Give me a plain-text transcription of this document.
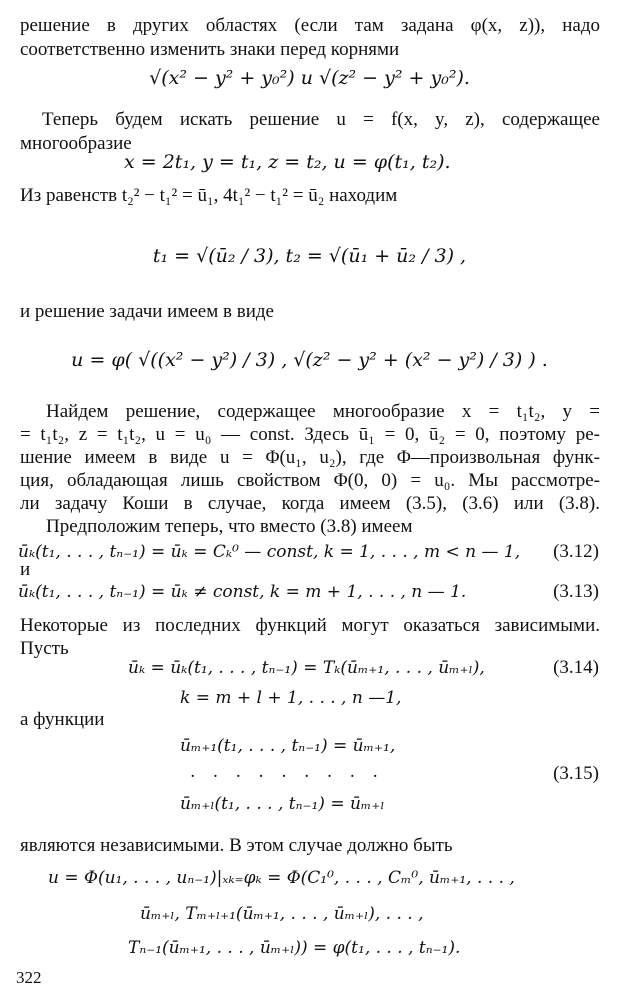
решение в других областях (если там задана φ(x, z)), надо
соответственно изменить знаки перед корнями
√(x² − y² + y₀²) и √(z² − y² + y₀²).
Теперь будем искать решение u = f(x, y, z), содержащее
многообразие
x = 2t₁, y = t₁, z = t₂, u = φ(t₁, t₂).
Из равенств t₂² − t₁² = ū₁, 4t₁² − t₁² = ū₂ находим
t₁ = √(ū₂ / 3), t₂ = √(ū₁ + ū₂ / 3) ,
и решение задачи имеем в виде
u = φ( √((x² − y²) / 3) , √(z² − y² + (x² − y²) / 3) ) .
Найдем решение, содержащее многообразие x = t₁t₂, y =
= t₁t₂, z = t₁t₂, u = u₀ — const. Здесь ū₁ = 0, ū₂ = 0, поэтому ре-
шение имеем в виде u = Φ(u₁, u₂), где Φ—произвольная функ-
ция, обладающая лишь свойством Φ(0, 0) = u₀. Мы рассмотре-
ли задачу Коши в случае, когда имеем (3.5), (3.6) или (3.8).
Предположим теперь, что вместо (3.8) имеем
ūₖ(t₁, . . . , tₙ₋₁) = ūₖ = Cₖ⁰ — const, k = 1, . . . , m < n — 1, (3.12)
и
ūₖ(t₁, . . . , tₙ₋₁) = ūₖ ≠ const, k = m + 1, . . . , n — 1.	(3.13)
Некоторые из последних функций могут оказаться зависимыми.
Пусть
ūₖ = ūₖ(t₁, . . . , tₙ₋₁) = Tₖ(ūₘ₊₁, . . . , ūₘ₊ₗ),	(3.14)
k = m + l + 1, . . . , n —1,
а функции
ūₘ₊₁(t₁, . . . , tₙ₋₁) = ūₘ₊₁,
. . . . . . . . .	(3.15)
ūₘ₊ₗ(t₁, . . . , tₙ₋₁) = ūₘ₊ₗ
являются независимыми. В этом случае должно быть
u = Φ(u₁, . . . , uₙ₋₁)|ₓₖ₌φₖ = Φ(C₁⁰, . . . , Cₘ⁰, ūₘ₊₁, . . . ,
ūₘ₊ₗ, Tₘ₊ₗ₊₁(ūₘ₊₁, . . . , ūₘ₊ₗ), . . . ,
Tₙ₋₁(ūₘ₊₁, . . . , ūₘ₊ₗ)) = φ(t₁, . . . , tₙ₋₁).
322
